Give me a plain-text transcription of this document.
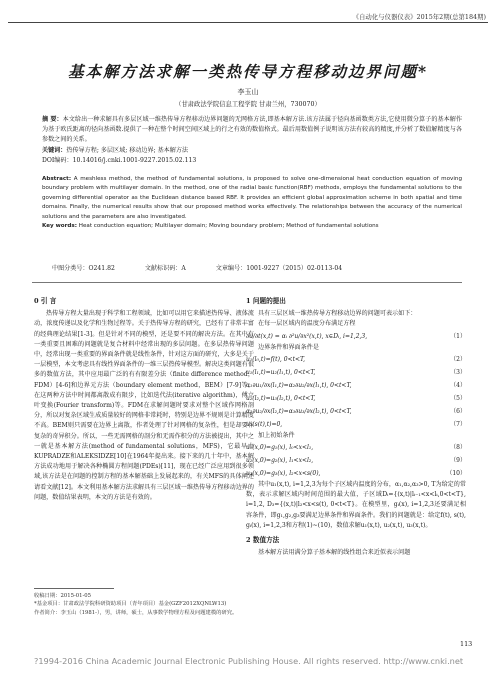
《自动化与仪器仪表》2015年2期(总第184期)
基本解方法求解一类热传导方程移动边界问题*
李玉山
（甘肃政法学院信息工程学院 甘肃兰州，730070）
摘 要：本文给出一种求解具有多层区域一维热传导方程移动边界问题的无网格方法,即基本解方法.该方法属于径向基函数类方法,它使用微分算子的基本解作为基于欧氏距离的径向基函数.提供了一种在整个时间空间区域上的行之有效的数值格式。最后用数值例子说明该方法有较高的精度,并分析了数值解精度与各参数之间的关系。
关键词：热传导方程; 多层区域; 移动边界; 基本解方法
DOI编码：10.14016/j.cnki.1001-9227.2015.02.113
Abstract: A meshless method, the method of fundamental solutions, is proposed to solve one-dimensional heat conduction equation of moving boundary problem with multilayer domain. In the method, one of the radial basic function(RBF) methods, employs the fundamental solutions to the governing differential operator as the Euclidean distance based RBF. It provides an efficient global approximation scheme in both spatial and time domains. Finally, the numerical results show that our proposed method works effectively. The relationships between the accuracy of the numerical solutions and the parameters are also investigated.
Key words: Heat conduction equation; Multilayer domain; Moving boundary problem; Method of fundamental solutions
中图分类号：O241.82	文献标识码：A	文章编号：1001-9227（2015）02-0113-04
0 引 言
热传导方程大量出现于科学和工程领域，比如可以用它来描述热传导、液体流动，浓度传递以及化学和生物过程等。关于热传导方程的研究，已经有了非常丰富的经典理论结果[1-3]。但是针对不同的模型，还是要不同的解决方法。在其中有一类重要且困难的问题就是复合材料中经常出现的多层问题。在多层热传导问题中，经常出现一类重要的界面条件就是线性条件，针对这方面的研究，大多是关于一层模型，本文考虑具有线性界面条件的一维三层热传导模型。解决这类问题有很多的数值方法，其中应用最广泛的有有限差分法（finite difference method，FDM）[4-6]和边界元方法（boundary element method，BEM）[7-9]等。在这两种方法中时间都离散成有限步，比如迭代法(iterative algorithm)，傅立叶变换(Fourier transform)等。FDM在求解问题时要求对整个区域作网格剖分，所以对复杂区域生成质量较好的网格非常耗时，特别是边界不规则是计算精度不高。BEM则只需要在边界上离散，作者处理了针对网格的复杂性，但是却要作复杂的奇异积分。所以，一些无需网格的剖分和无需作积分的方法被提出，其中之一就是基本解方法(method of fundamental solutions，MFS)，它最早由KUPRADZE和ALEKSIDZE[10]在1964年提出来。接下来的几十年中，基本解方法成功地用于解决各种椭圆方程问题(PDEs)[11]，现在已经广泛应用到很多领域,该方法是在问题的控制方程的基本解基础上发展起来的，有关MFS的具体阐述请看文献[12]。本文利用基本解方法求解具有三层区域一维热传导方程移动边界的问题，数值结果表明，本文的方法是有效的。
收稿日期：2015-01-05
*基金项目：甘肃政法学院科研资助项目（青年项目）基金(GZF2012XQNLW13)
作者简介：李玉山（1981-），男，讲师，硕士，从事数学物理方程及问题建模的研究。
1 问题的提出
具有三层区域一维热传导方程移动边界的问题可表示如下：
在每一层区域内的温度分布满足方程
∂u/∂t(x,t) = αᵢ ∂²u/∂x²(x,t), x∈Dᵢ, i=1,2,3,	（1）
边界条件和界面条件是
u₁(l₀,t)=f(t), 0<t<T,	（2）
u₁(l₁,t)=u₂(l₁,t), 0<t<T,	（3）
α₁∂u₁/∂x(l₁,t)=α₂∂u₂/∂x(l₁,t), 0<t<T,	（4）
u₂(l₂,t)=u₃(l₂,t), 0<t<T,	（5）
α₂∂u₂/∂x(l₂,t)=α₃∂u₃/∂x(l₂,t), 0<t<T,	（6）
u₃(s(t),t)=0,	（7）
加上初始条件
u₁(x,0)=g₁(x), l₀<x<l₁,	（8）
u₂(x,0)=g₂(x), l₁<x<l₂,	（9）
u₃(x,0)=g₃(x), l₂<x<s(0),	（10）
其中u₁(x,t), i=1,2,3为每个子区域内温度的分布，α₁,α₂,α₃>0, T为给定的常数，表示求解区域内时间范围的最大值，子区域Dᵢ={(x,t)|lᵢ₋₁<x<lᵢ,0<t<T}, i=1,2, D₃={(x,t)|l₂<x<s(t), 0<t<T}。在模型里，gᵢ(x), i=1,2,3还要满足相容条件，即g₁,g₂,g₃要满足边界条件和界面条件。我们的问题就是：给定f(t), s(t), gᵢ(x), i=1,2,3和方程(1)~(10)，数值求解u₁(x,t), u₂(x,t), u₃(x,t)。
2 数值方法
基本解方法用满分算子基本解的线性组合来近似表示问题
113
?1994-2016 China Academic Journal Electronic Publishing House. All rights reserved. http://www.cnki.net
